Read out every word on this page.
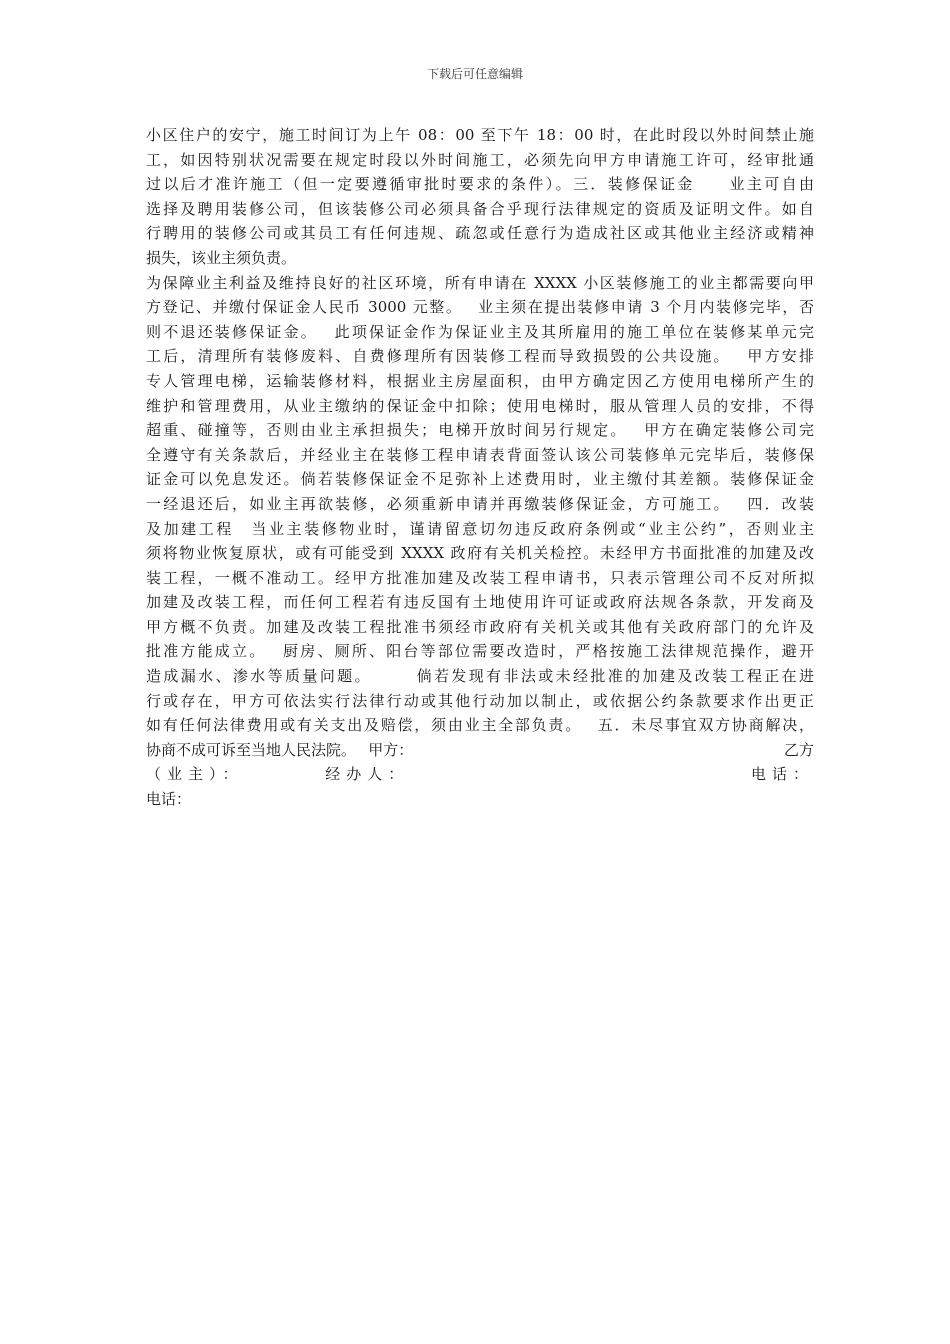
下载后可任意编辑
小区住户的安宁，施工时间订为上午 08：00 至下午 18：00 时，在此时段以外时间禁止施
工，如因特别状况需要在规定时段以外时间施工，必须先向甲方申请施工许可，经审批通
过以后才准许施工（但一定要遵循审批时要求的条件）。三．装修保证金　　业主可自由
选择及聘用装修公司，但该装修公司必须具备合乎现行法律规定的资质及证明文件。如自
行聘用的装修公司或其员工有任何违规、疏忽或任意行为造成社区或其他业主经济或精神
损失，该业主须负责。
为保障业主利益及维持良好的社区环境，所有申请在 XXXX 小区装修施工的业主都需要向甲
方登记、并缴付保证金人民币 3000 元整。　 业主须在提出装修申请 3 个月内装修完毕，否
则不退还装修保证金。　 此项保证金作为保证业主及其所雇用的施工单位在装修某单元完
工后，清理所有装修废料、自费修理所有因装修工程而导致损毁的公共设施。　 甲方安排
专人管理电梯，运输装修材料，根据业主房屋面积，由甲方确定因乙方使用电梯所产生的
维护和管理费用，从业主缴纳的保证金中扣除；使用电梯时，服从管理人员的安排，不得
超重、碰撞等，否则由业主承担损失；电梯开放时间另行规定。　 甲方在确定装修公司完
全遵守有关条款后，并经业主在装修工程申请表背面签认该公司装修单元完毕后，装修保
证金可以免息发还。倘若装修保证金不足弥补上述费用时，业主缴付其差额。装修保证金
一经退还后，如业主再欲装修，必须重新申请并再缴装修保证金，方可施工。　 四．改装
及加建工程　当业主装修物业时，谨请留意切勿违反政府条例或“业主公约”，否则业主
须将物业恢复原状，或有可能受到 XXXX 政府有关机关检控。未经甲方书面批准的加建及改
装工程，一概不准动工。经甲方批准加建及改装工程申请书，只表示管理公司不反对所拟
加建及改装工程，而任何工程若有违反国有土地使用许可证或政府法规各条款，开发商及
甲方概不负责。加建及改装工程批准书须经市政府有关机关或其他有关政府部门的允许及
批准方能成立。　 厨房、厕所、阳台等部位需要改造时，严格按施工法律规范操作，避开
造成漏水、渗水等质量问题。　　　倘若发现有非法或未经批准的加建及改装工程正在进
行或存在，甲方可依法实行法律行动或其他行动加以制止，或依据公约条款要求作出更正
如有任何法律费用或有关支出及赔偿，须由业主全部负责。　 五．未尽事宜双方协商解决，
协商不成可诉至当地人民法院。　 甲方：	乙方
（业主）：	经办人：	电话：
电话：
